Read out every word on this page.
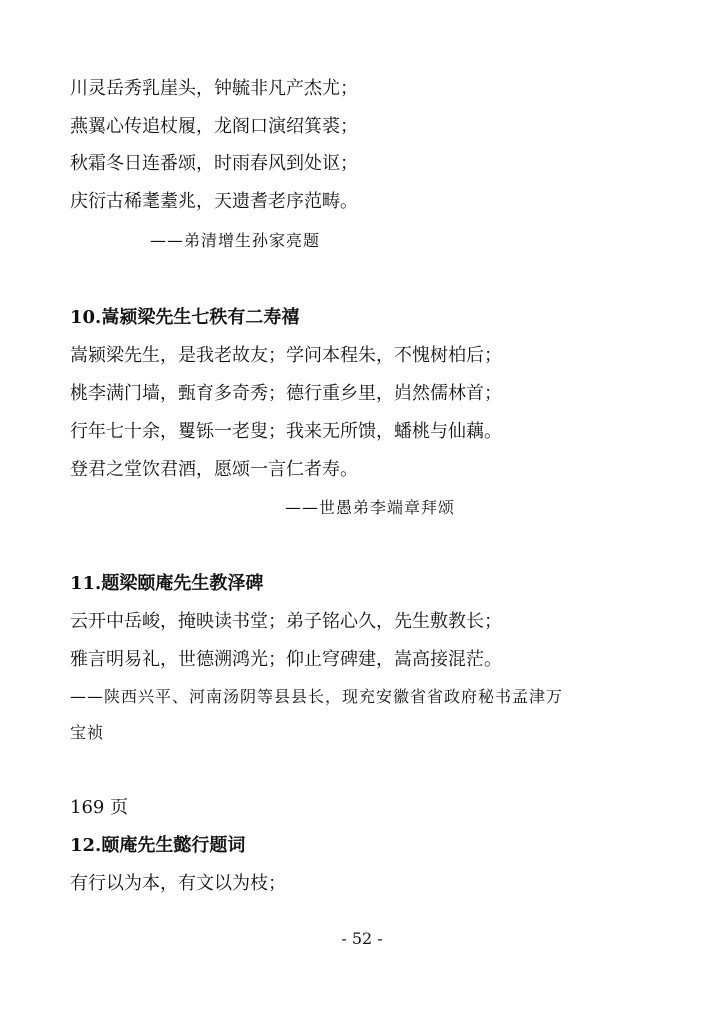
川灵岳秀乳崖头，钟毓非凡产杰尤；
燕翼心传追杖履，龙阁口演绍箕裘；
秋霜冬日连番颂，时雨春风到处讴；
庆衍古稀耄耋兆，天遗耆老序范畴。
——弟清增生孙家亮题
10.嵩颍梁先生七秩有二寿禧
嵩颍梁先生，是我老故友；学问本程朱，不愧树柏后；
桃李满门墙，甄育多奇秀；德行重乡里，岿然儒林首；
行年七十余，矍铄一老叟；我来无所馈，蟠桃与仙藕。
登君之堂饮君酒，愿颂一言仁者寿。
——世愚弟李端章拜颂
11.题梁颐庵先生教泽碑
云开中岳峻，掩映读书堂；弟子铭心久，先生敷教长；
雅言明易礼，世德溯鸿光；仰止穹碑建，嵩高接混茫。
——陕西兴平、河南汤阴等县县长，现充安徽省省政府秘书孟津万
宝祯
169 页
12.颐庵先生懿行题词
有行以为本，有文以为枝；
- 52 -
